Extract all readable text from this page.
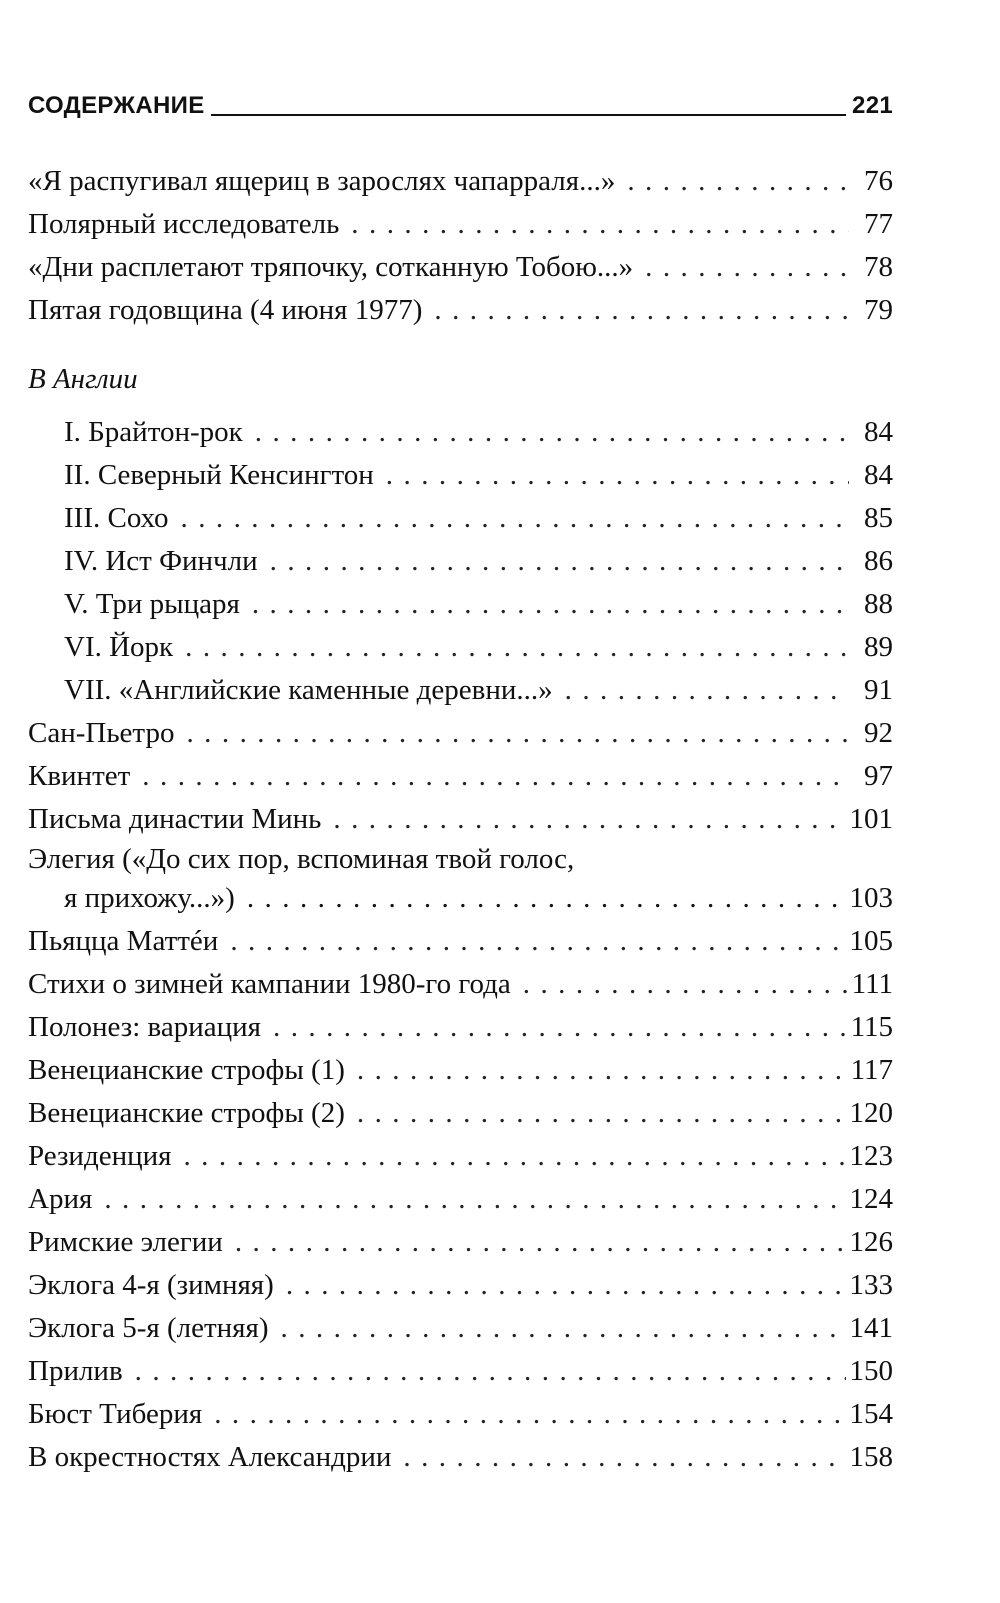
СОДЕРЖАНИЕ	221
«Я распугивал ящериц в зарослях чапарраля...» . . .	76
Полярный исследователь . . .	77
«Дни расплетают тряпочку, сотканную Тобою...» . . .	78
Пятая годовщина (4 июня 1977) . . .	79
В Англии
I. Брайтон-рок . . .	84
II. Северный Кенсингтон . . .	84
III. Сохо . . .	85
IV. Ист Финчли . . .	86
V. Три рыцаря . . .	88
VI. Йорк . . .	89
VII. «Английские каменные деревни...» . . .	91
Сан-Пьетро . . .	92
Квинтет . . .	97
Письма династии Минь . . .	101
Элегия («До сих пор, вспоминая твой голос,
я прихожу...») . . .	103
Пьяцца Маттéи . . .	105
Стихи о зимней кампании 1980-го года . . .	111
Полонез: вариация . . .	115
Венецианские строфы (1) . . .	117
Венецианские строфы (2) . . .	120
Резиденция . . .	123
Ария . . .	124
Римские элегии . . .	126
Эклога 4-я (зимняя) . . .	133
Эклога 5-я (летняя) . . .	141
Прилив . . .	150
Бюст Тиберия . . .	154
В окрестностях Александрии . . .	158
